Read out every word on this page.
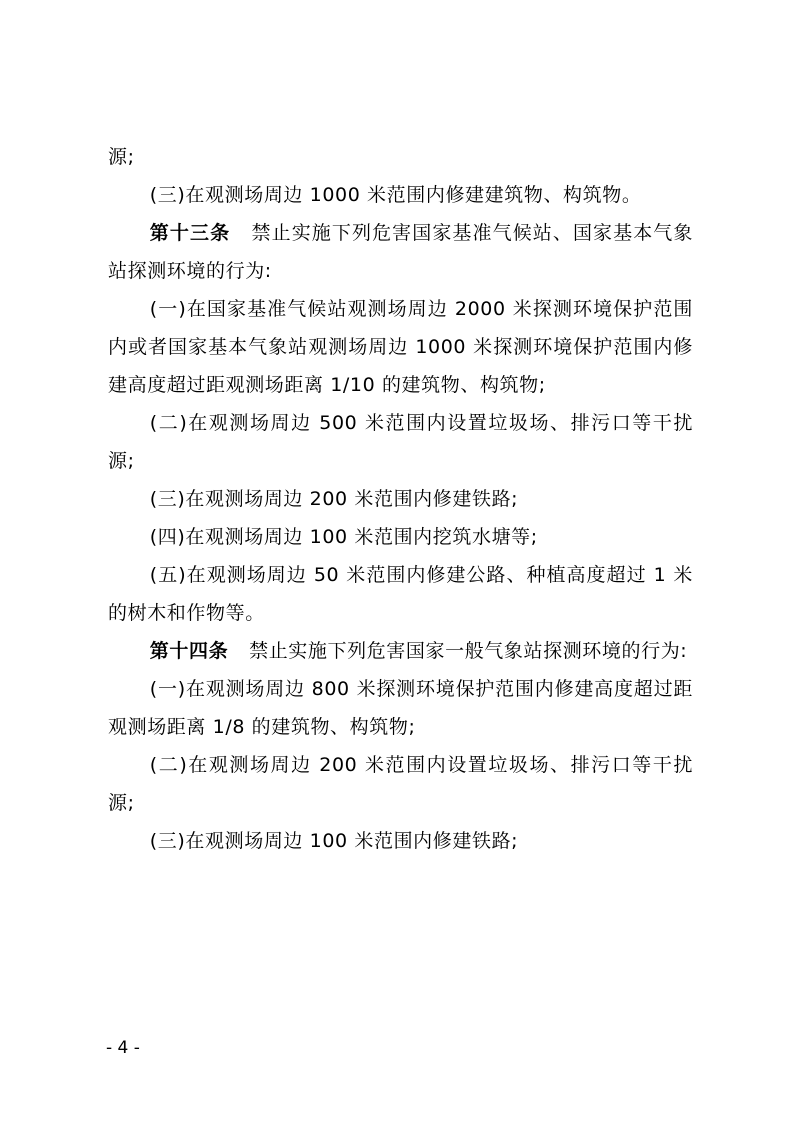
源;

(三)在观测场周边 1000 米范围内修建建筑物、构筑物。

第十三条 禁止实施下列危害国家基准气候站、国家基本气象站探测环境的行为:

(一)在国家基准气候站观测场周边 2000 米探测环境保护范围内或者国家基本气象站观测场周边 1000 米探测环境保护范围内修建高度超过距观测场距离 1/10 的建筑物、构筑物;

(二)在观测场周边 500 米范围内设置垃圾场、排污口等干扰源;

(三)在观测场周边 200 米范围内修建铁路;

(四)在观测场周边 100 米范围内挖筑水塘等;

(五)在观测场周边 50 米范围内修建公路、种植高度超过 1 米的树木和作物等。

第十四条 禁止实施下列危害国家一般气象站探测环境的行为:

(一)在观测场周边 800 米探测环境保护范围内修建高度超过距观测场距离 1/8 的建筑物、构筑物;

(二)在观测场周边 200 米范围内设置垃圾场、排污口等干扰源;

(三)在观测场周边 100 米范围内修建铁路;

- 4 -
